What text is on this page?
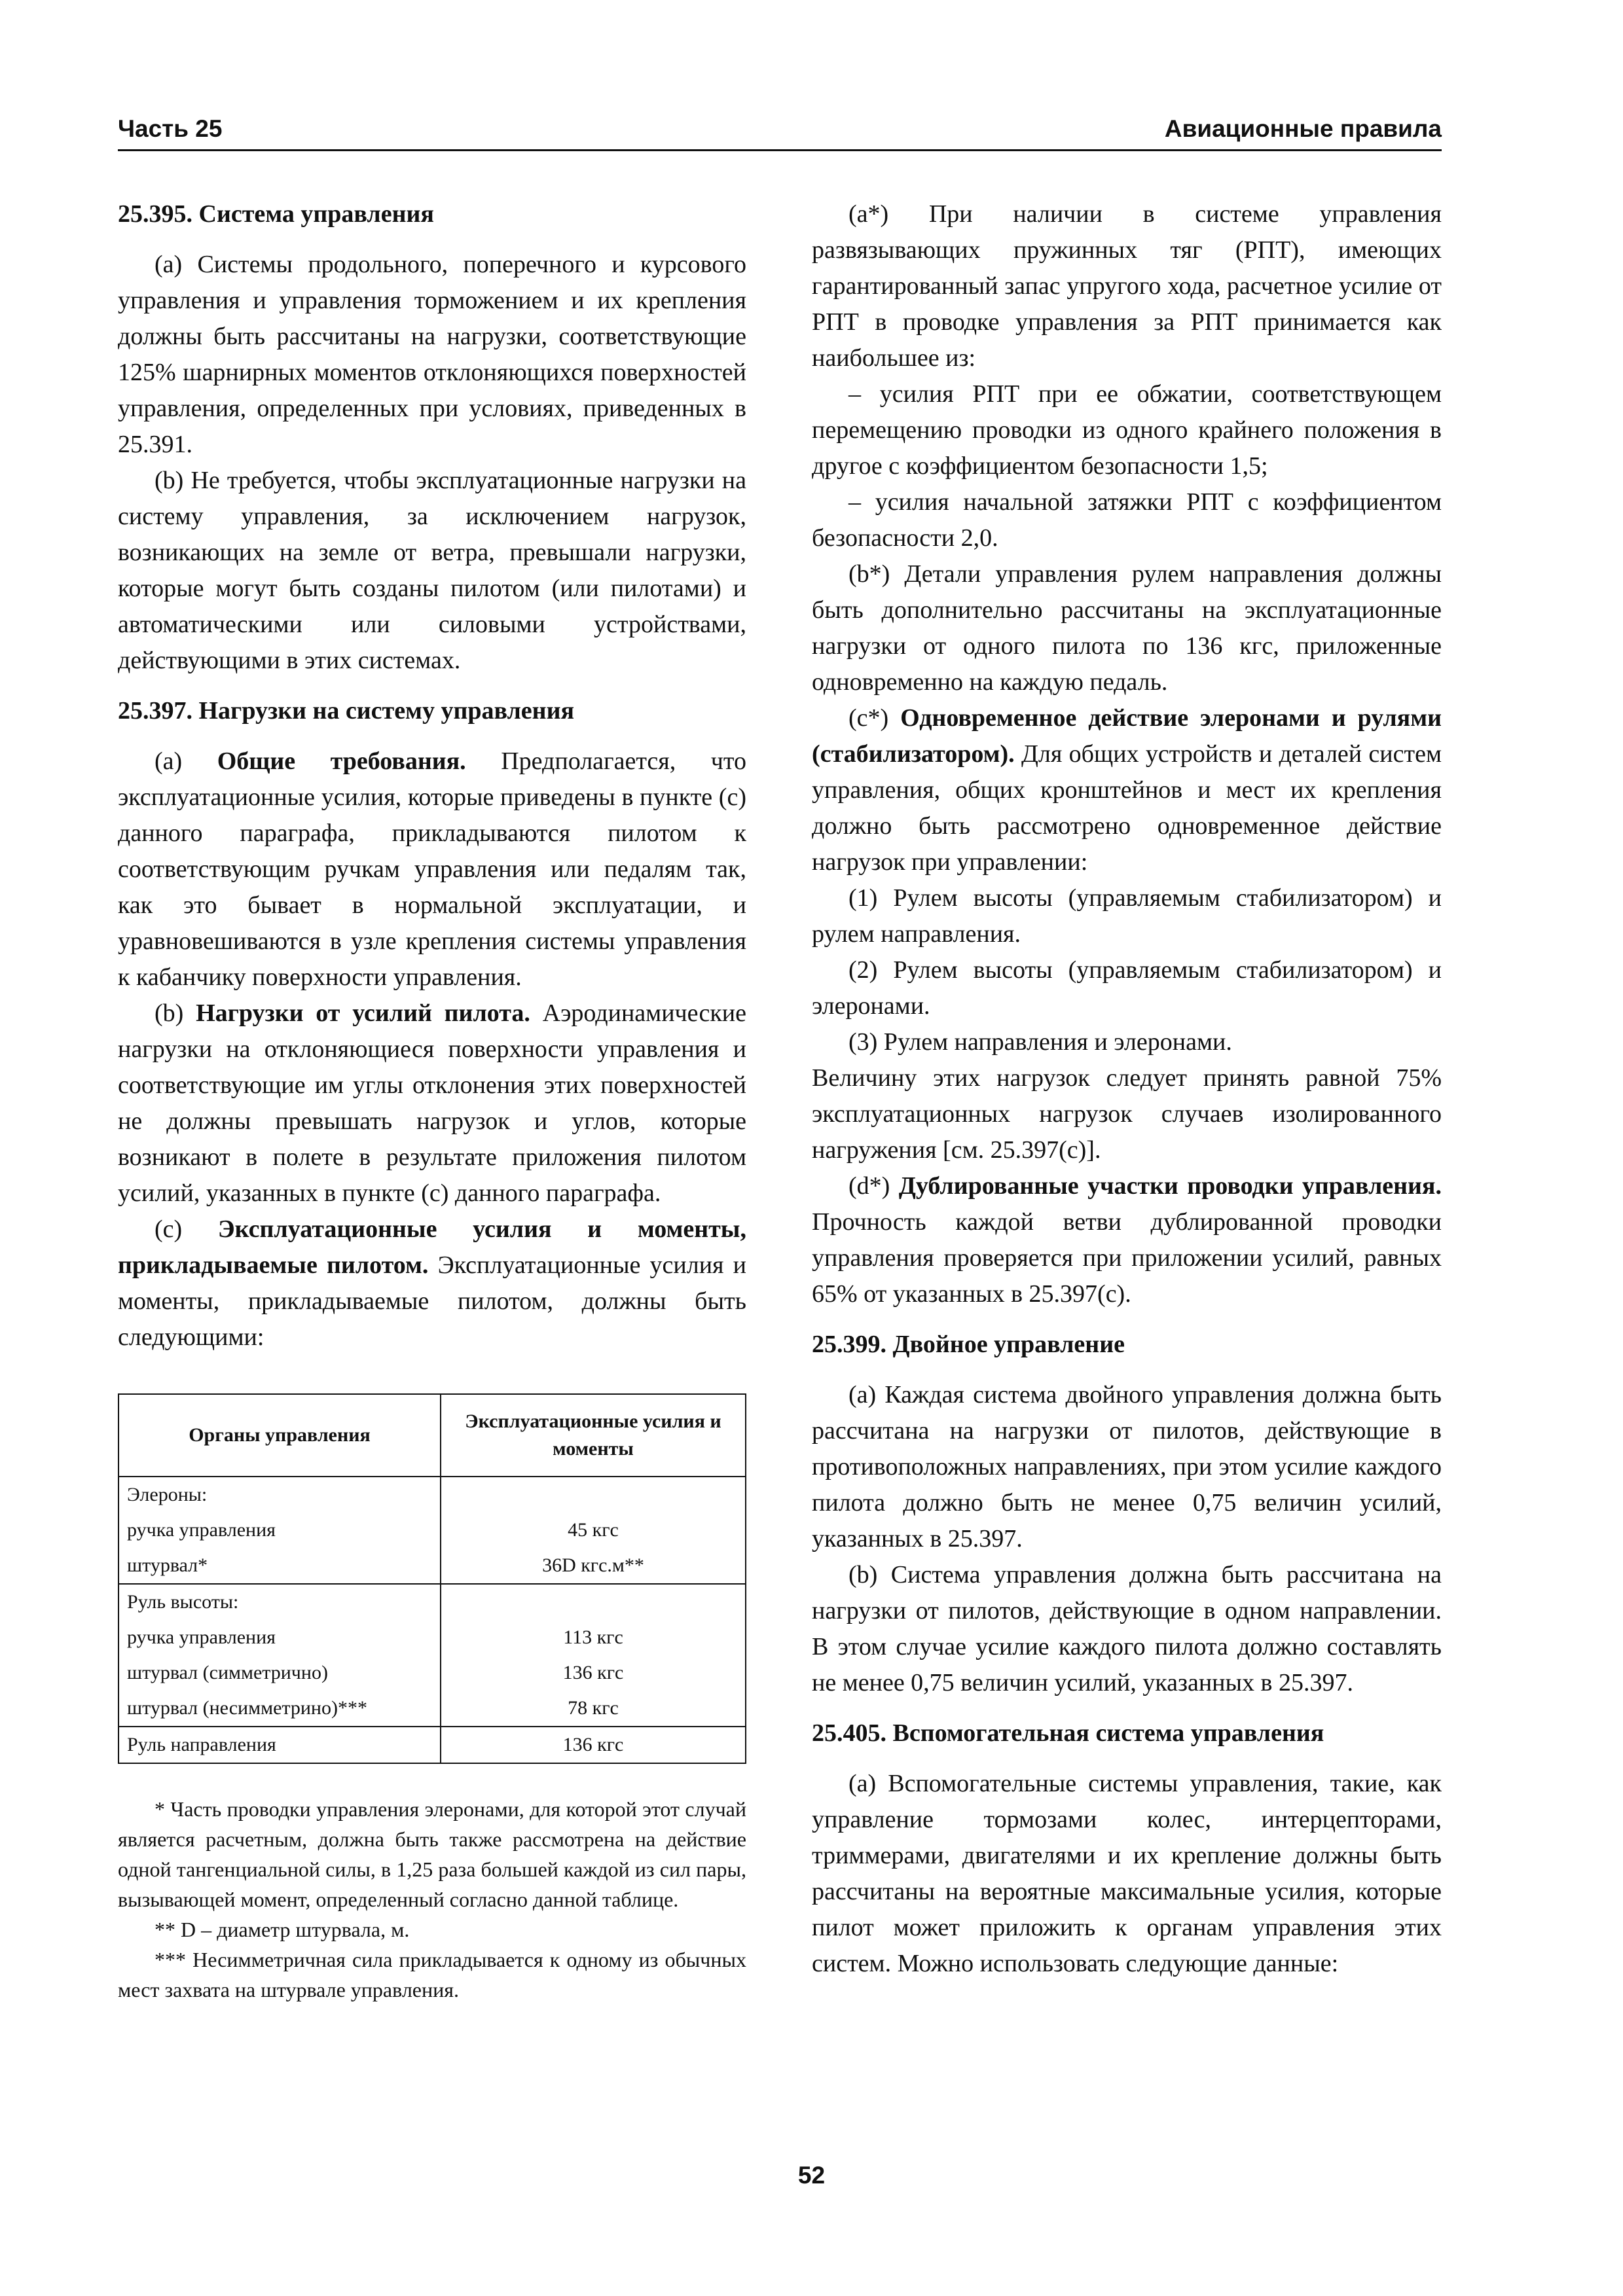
Часть 25	Авиационные правила
25.395. Система управления

(а) Системы продольного, поперечного и курсового управления и управления торможением и их крепления должны быть рассчитаны на нагрузки, соответствующие 125% шарнирных моментов отклоняющихся поверхностей управления, определенных при условиях, приведенных в 25.391.

(b) Не требуется, чтобы эксплуатационные нагрузки на систему управления, за исключением нагрузок, возникающих на земле от ветра, превышали нагрузки, которые могут быть созданы пилотом (или пилотами) и автоматическими или силовыми устройствами, действующими в этих системах.

25.397. Нагрузки на систему управления

(а) Общие требования. Предполагается, что эксплуатационные усилия, которые приведены в пункте (с) данного параграфа, прикладываются пилотом к соответствующим ручкам управления или педалям так, как это бывает в нормальной эксплуатации, и уравновешиваются в узле крепления системы управления к кабанчику поверхности управления.

(b) Нагрузки от усилий пилота. Аэродинамические нагрузки на отклоняющиеся поверхности управления и соответствующие им углы отклонения этих поверхностей не должны превышать нагрузок и углов, которые возникают в полете в результате приложения пилотом усилий, указанных в пункте (с) данного параграфа.

(с) Эксплуатационные усилия и моменты, прикладываемые пилотом. Эксплуатационные усилия и моменты, прикладываемые пилотом, должны быть следующими:

Органы управления	Эксплуатационные усилия и моменты
Элероны:	
ручка управления	45 кгс
штурвал*	36D кгс.м**
Руль высоты:	
ручка управления	113 кгс
штурвал (симметрично)	136 кгс
штурвал (несимметрино)***	78 кгс
Руль направления	136 кгс

* Часть проводки управления элеронами, для которой этот случай является расчетным, должна быть также рассмотрена на действие одной тангенциальной силы, в 1,25 раза большей каждой из сил пары, вызывающей момент, определенный согласно данной таблице.

** D – диаметр штурвала, м.

*** Несимметричная сила прикладывается к одному из обычных мест захвата на штурвале управления.

(a*) При наличии в системе управления развязывающих пружинных тяг (РПТ), имеющих гарантированный запас упругого хода, расчетное усилие от РПТ в проводке управления за РПТ принимается как наибольшее из:

– усилия РПТ при ее обжатии, соответствующем перемещению проводки из одного крайнего положения в другое с коэффициентом безопасности 1,5;

– усилия начальной затяжки РПТ с коэффициентом безопасности 2,0.

(b*) Детали управления рулем направления должны быть дополнительно рассчитаны на эксплуатационные нагрузки от одного пилота по 136 кгс, приложенные одновременно на каждую педаль.

(c*) Одновременное действие элеронами и рулями (стабилизатором). Для общих устройств и деталей систем управления, общих кронштейнов и мест их крепления должно быть рассмотрено одновременное действие нагрузок при управлении:

(1) Рулем высоты (управляемым стабилизатором) и рулем направления.

(2) Рулем высоты (управляемым стабилизатором) и элеронами.

(3) Рулем направления и элеронами.

Величину этих нагрузок следует принять равной 75% эксплуатационных нагрузок случаев изолированного нагружения [см. 25.397(с)].

(d*) Дублированные участки проводки управления. Прочность каждой ветви дублированной проводки управления проверяется при приложении усилий, равных 65% от указанных в 25.397(с).

25.399. Двойное управление

(а) Каждая система двойного управления должна быть рассчитана на нагрузки от пилотов, действующие в противоположных направлениях, при этом усилие каждого пилота должно быть не менее 0,75 величин усилий, указанных в 25.397.

(b) Система управления должна быть рассчитана на нагрузки от пилотов, действующие в одном направлении. В этом случае усилие каждого пилота должно составлять не менее 0,75 величин усилий, указанных в 25.397.

25.405. Вспомогательная система управления

(а) Вспомогательные системы управления, такие, как управление тормозами колес, интерцепторами, триммерами, двигателями и их крепление должны быть рассчитаны на вероятные максимальные усилия, которые пилот может приложить к органам управления этих систем. Можно использовать следующие данные:

52
